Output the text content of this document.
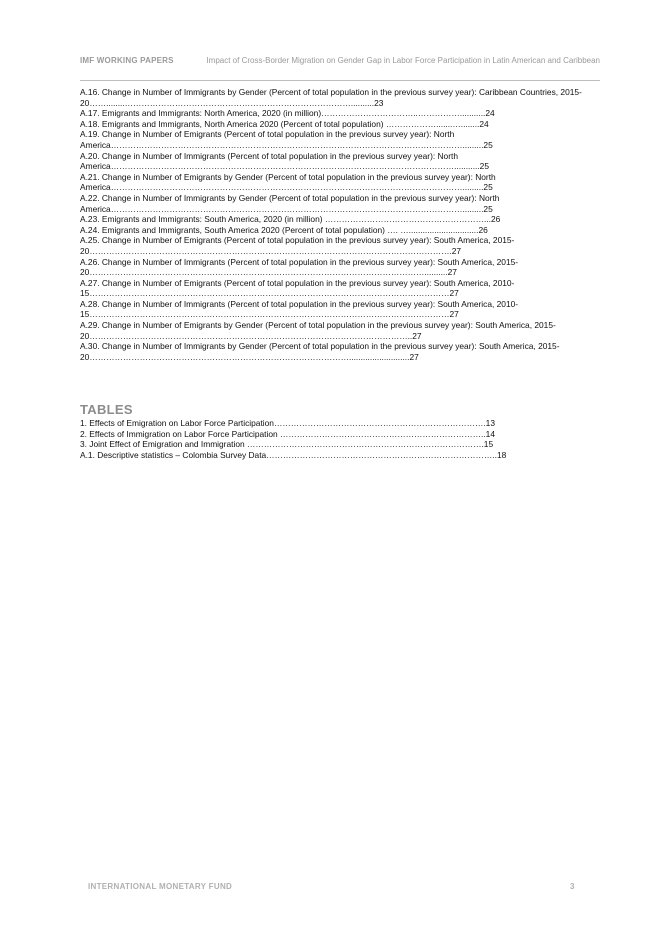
IMF WORKING PAPERS	Impact of Cross-Border Migration on Gender Gap in Labor Force Participation in Latin American and Caribbean

A.16. Change in Number of Immigrants by Gender (Percent of total population in the previous survey year): Caribbean Countries, 2015-20……........………………………………………………………………………..........23

A.17. Emigrants and Immigrants: North America, 2020 (in million)……………………………..……………...........24

A.18. Emigrants and Immigrants, North America 2020 (Percent of total population) ……………….......…........24

A.19. Change in Number of Emigrants (Percent of total population in the previous survey year): North America……………………………………………………………………………………………………………….........25

A.20. Change in Number of Immigrants (Percent of total population in the previous survey year): North America……………………………………………………………………………………………………………...........25

A.21. Change in Number of Emigrants by Gender (Percent of total population in the previous survey year): North America……………………………………………………………………………………………………………….........25

A.22. Change in Number of Immigrants by Gender (Percent of total population in the previous survey year): North America……………………………………………………………………………………………………………….........25

A.23. Emigrants and Immigrants: South America, 2020 (in million) …………………………………………………...26

A.24. Emigrants and Immigrants, South America 2020 (Percent of total population) …. …..............................26

A.25. Change in Number of Emigrants (Percent of total population in the previous survey year): South America, 2015-20………………………………………………………………………………………………………………….27

A.26. Change in Number of Immigrants (Percent of total population in the previous survey year): South America, 2015-20…………………………………………………………………………………………………………..........27

A.27. Change in Number of Emigrants (Percent of total population in the previous survey year): South America, 2010-15…………………………………………………………………………………………………………………27

A.28. Change in Number of Immigrants (Percent of total population in the previous survey year): South America, 2010-15…………………………………………………………………………………………………………………27

A.29. Change in Number of Emigrants by Gender (Percent of total population in the previous survey year): South America, 2015-20……………………………………………………………………………………………………..27

A.30. Change in Number of Immigrants by Gender (Percent of total population in the previous survey year): South America, 2015-20…………………………………………………………………………………..........................27

TABLES

1. Effects of Emigration on Labor Force Participation………………………………………………………………….13

2. Effects of Immigration on Labor Force Participation ………………………………………………………………..14

3. Joint Effect of Emigration and Immigration ………………………………………………………………………….15

A.1. Descriptive statistics – Colombia Survey Data………………………………………………………………………..18

INTERNATIONAL MONETARY FUND	3
